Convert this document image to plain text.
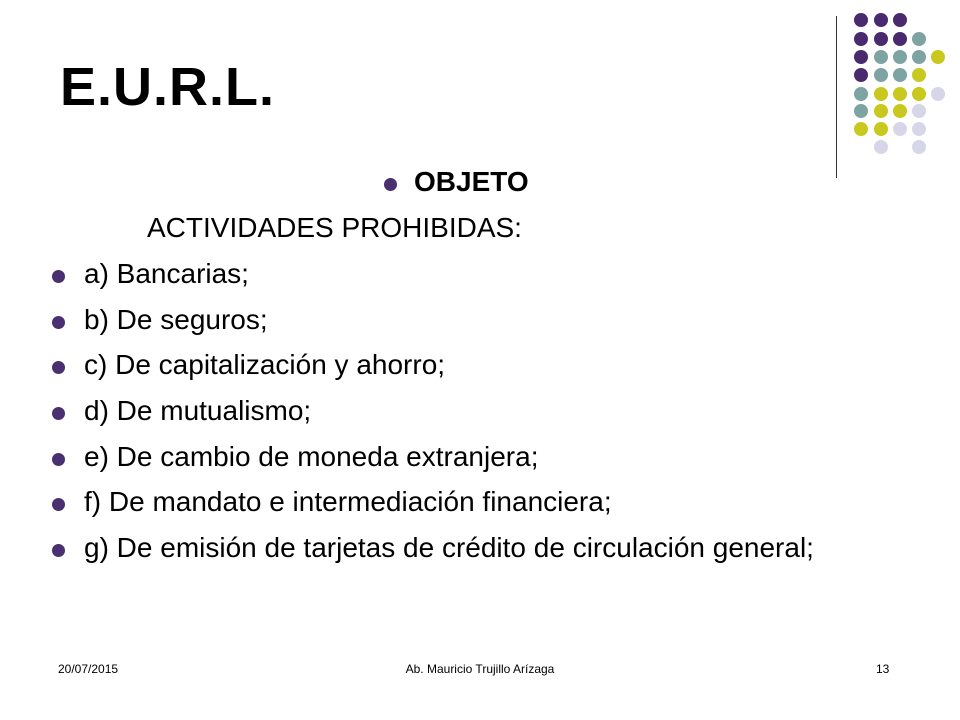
E.U.R.L.
OBJETO
ACTIVIDADES PROHIBIDAS:
a) Bancarias;
b) De seguros;
c) De capitalización y ahorro;
d) De mutualismo;
e) De cambio de moneda extranjera;
f) De mandato e intermediación financiera;
g) De emisión de tarjetas de crédito de circulación general;
20/07/2015	Ab. Mauricio Trujillo Arízaga	13
